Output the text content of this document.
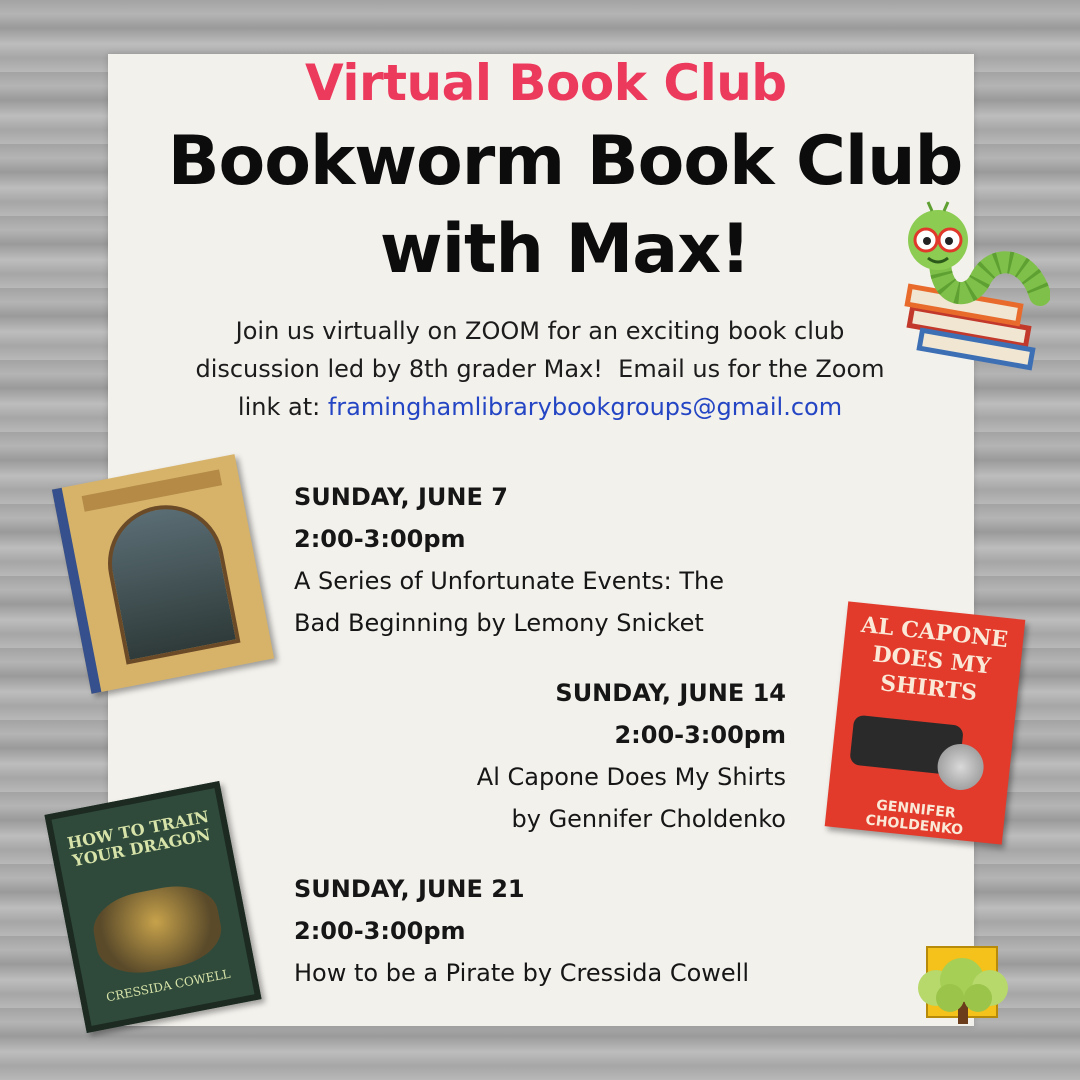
Virtual Book Club
Bookworm Book Club
with Max!
Join us virtually on ZOOM for an exciting book club
discussion led by 8th grader Max!  Email us for the Zoom
link at: framinghamlibrarybookgroups@gmail.com
SUNDAY, JUNE 7
2:00-3:00pm
A Series of Unfortunate Events: The
Bad Beginning by Lemony Snicket
SUNDAY, JUNE 14
2:00-3:00pm
Al Capone Does My Shirts
by Gennifer Choldenko
SUNDAY, JUNE 21
2:00-3:00pm
How to be a Pirate by Cressida Cowell
AL CAPONE DOES MY SHIRTS
GENNIFER CHOLDENKO
HOW TO TRAIN YOUR DRAGON
CRESSIDA COWELL
